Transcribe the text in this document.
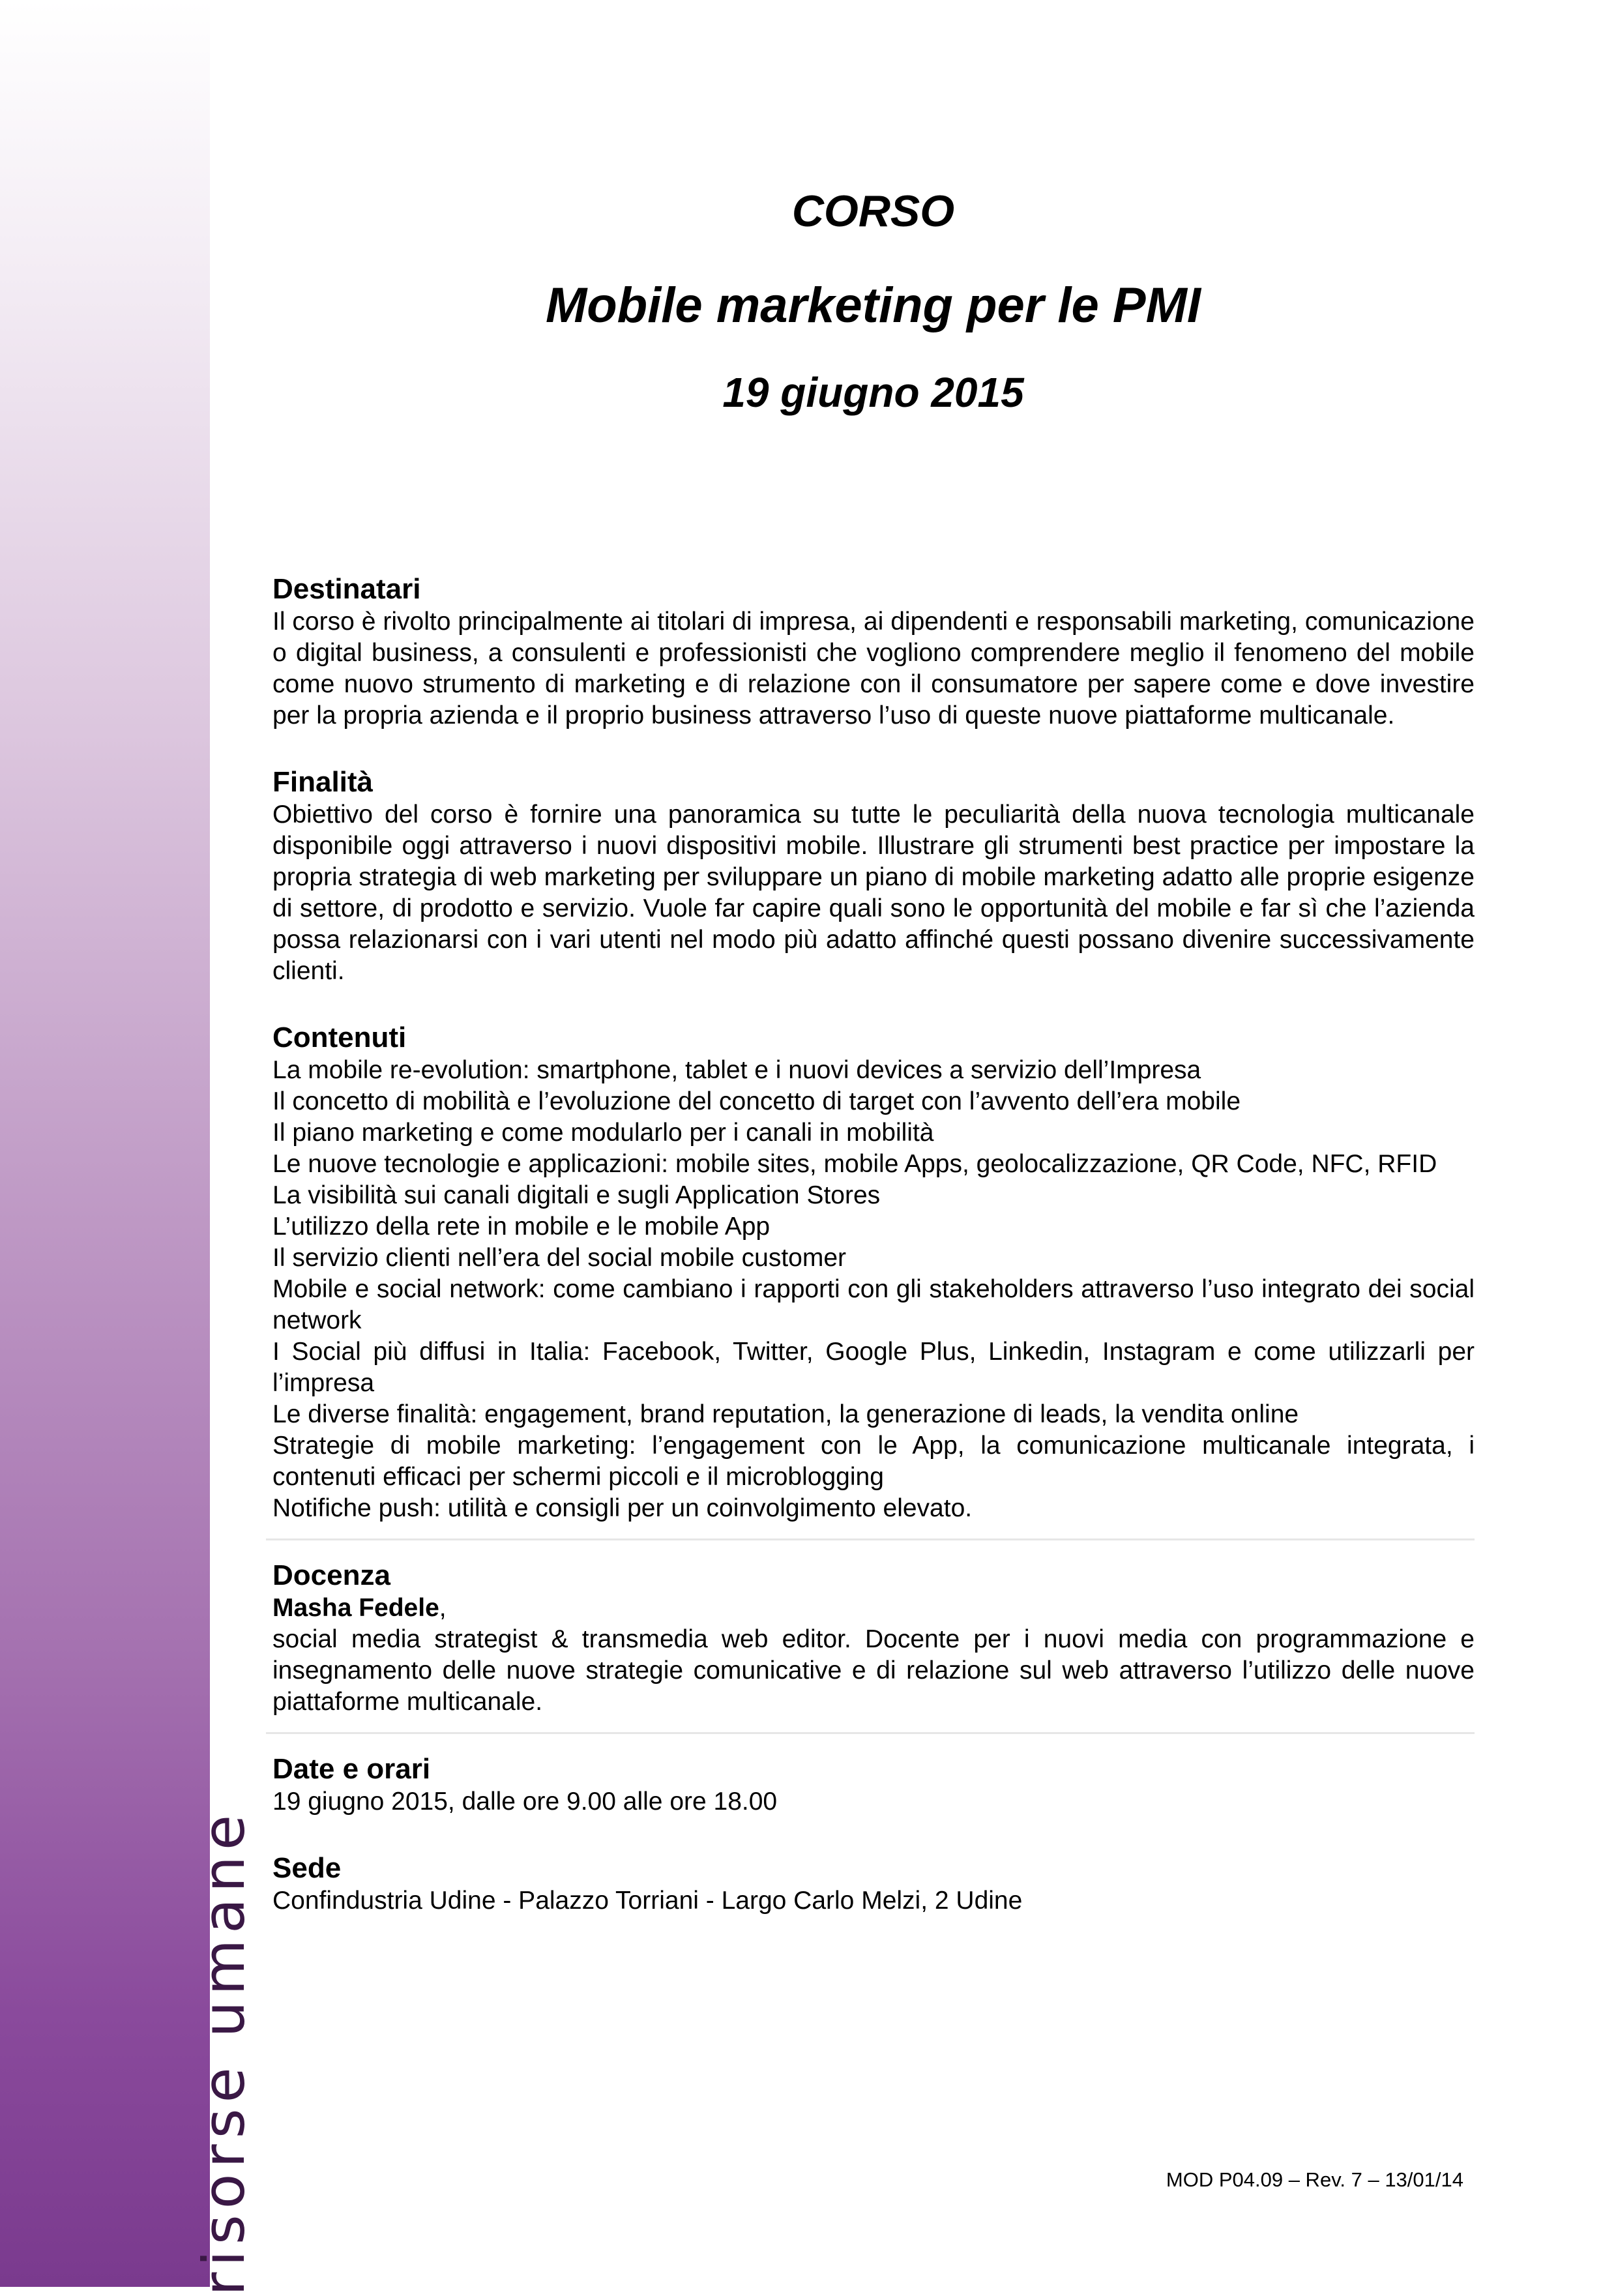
risorse umane
CORSO
Mobile marketing per le PMI
19 giugno 2015
Destinatari
Il corso è rivolto principalmente ai titolari di impresa, ai dipendenti e responsabili marketing, comunicazione o digital business, a consulenti e professionisti che vogliono comprendere meglio il fenomeno del mobile come nuovo strumento di marketing e di relazione con il consumatore per sapere come e dove investire per la propria azienda e il proprio business attraverso l’uso di queste nuove piattaforme multicanale.
Finalità
Obiettivo del corso è fornire una panoramica su tutte le peculiarità della nuova tecnologia multicanale disponibile oggi attraverso i nuovi dispositivi mobile. Illustrare gli strumenti best practice per impostare la propria strategia di web marketing per sviluppare un piano di mobile marketing adatto alle proprie esigenze di settore, di prodotto e servizio. Vuole far capire quali sono le opportunità del mobile e far sì che l’azienda possa relazionarsi con i vari utenti nel modo più adatto affinché questi possano divenire successivamente clienti.
Contenuti
La mobile re-evolution: smartphone, tablet e i nuovi devices a servizio dell’Impresa
Il concetto di mobilità e l’evoluzione del concetto di target con l’avvento dell’era mobile
Il piano marketing e come modularlo per i canali in mobilità
Le nuove tecnologie e applicazioni: mobile sites, mobile Apps, geolocalizzazione, QR Code, NFC, RFID
La visibilità sui canali digitali e sugli Application Stores
L’utilizzo della rete in mobile e le mobile App
Il servizio clienti nell’era del social mobile customer
Mobile e social network: come cambiano i rapporti con gli stakeholders attraverso l’uso integrato dei social network
I Social più diffusi in Italia: Facebook, Twitter, Google Plus, Linkedin, Instagram e come utilizzarli per l’impresa
Le diverse finalità: engagement, brand reputation, la generazione di leads, la vendita online
Strategie di mobile marketing: l’engagement con le App, la comunicazione multicanale integrata, i contenuti efficaci per schermi piccoli e il microblogging
Notifiche push: utilità e consigli per un coinvolgimento elevato.
Docenza
Masha Fedele,
social media strategist & transmedia web editor. Docente per i nuovi media con programmazione e insegnamento delle nuove strategie comunicative e di relazione sul web attraverso l’utilizzo delle nuove piattaforme multicanale.
Date e orari
19 giugno 2015, dalle ore 9.00 alle ore 18.00
Sede
Confindustria Udine - Palazzo Torriani - Largo Carlo Melzi, 2 Udine
MOD P04.09 – Rev. 7 – 13/01/14
